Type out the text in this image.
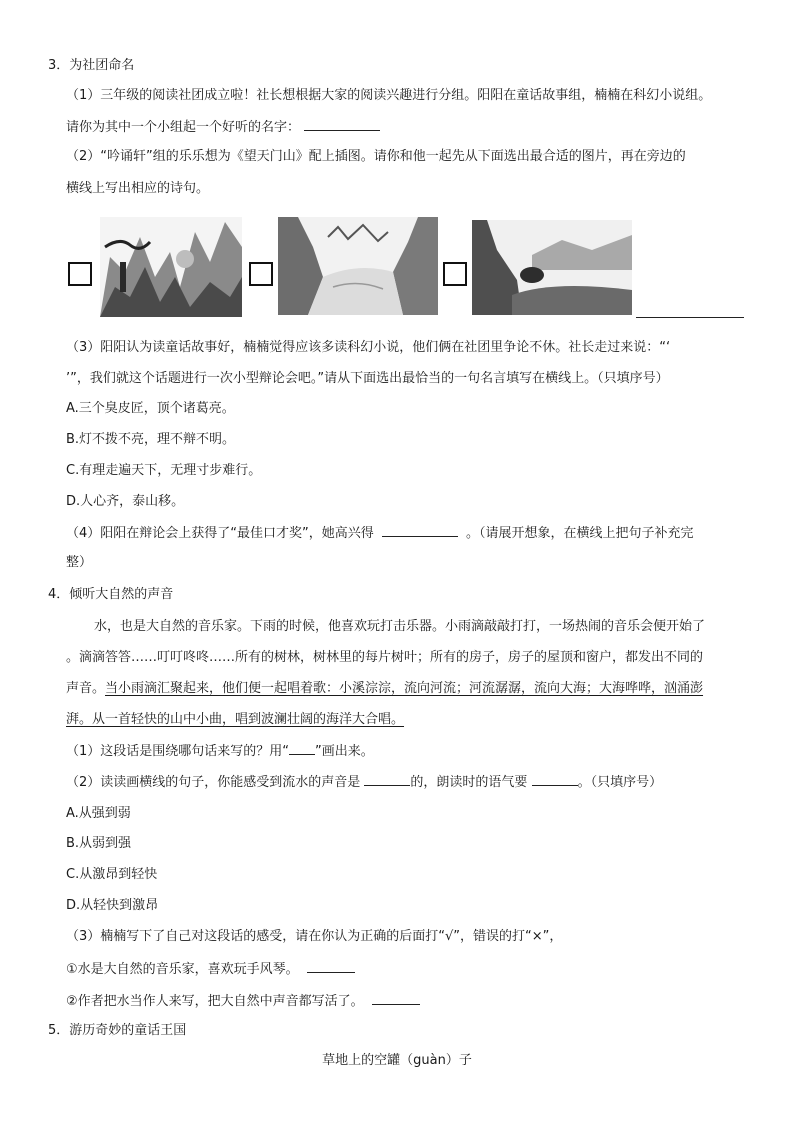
3．为社团命名
（1）三年级的阅读社团成立啦！社长想根据大家的阅读兴趣进行分组。阳阳在童话故事组，楠楠在科幻小说组。
请你为其中一个小组起一个好听的名字：
（2）“吟诵轩”组的乐乐想为《望天门山》配上插图。请你和他一起先从下面选出最合适的图片，再在旁边的
横线上写出相应的诗句。
（3）阳阳认为读童话故事好，楠楠觉得应该多读科幻小说，他们俩在社团里争论不休。社长走过来说：“‘
’”，我们就这个话题进行一次小型辩论会吧。”请从下面选出最恰当的一句名言填写在横线上。（只填序号）
A.三个臭皮匠，顶个诸葛亮。
B.灯不拨不亮，理不辩不明。
C.有理走遍天下，无理寸步难行。
D.人心齐，泰山移。
（4）阳阳在辩论会上获得了“最佳口才奖”，她高兴得	。（请展开想象，在横线上把句子补充完
整）
4．倾听大自然的声音
水，也是大自然的音乐家。下雨的时候，他喜欢玩打击乐器。小雨滴敲敲打打，一场热闹的音乐会便开始了
。滴滴答答……叮叮咚咚……所有的树林，树林里的每片树叶；所有的房子，房子的屋顶和窗户，都发出不同的
声音。当小雨滴汇聚起来，他们便一起唱着歌：小溪淙淙，流向河流；河流潺潺，流向大海；大海哗哗，汹涌澎
湃。从一首轻快的山中小曲，唱到波澜壮阔的海洋大合唱。
（1）这段话是围绕哪句话来写的？用“ ”画出来。
（2）读读画横线的句子，你能感受到流水的声音是	的，朗读时的语气要	。（只填序号）
A.从强到弱
B.从弱到强
C.从激昂到轻快
D.从轻快到激昂
（3）楠楠写下了自己对这段话的感受，请在你认为正确的后面打“√”，错误的打“×”，
①水是大自然的音乐家，喜欢玩手风琴。
②作者把水当作人来写，把大自然中声音都写活了。
5．游历奇妙的童话王国
草地上的空罐（guàn）子
